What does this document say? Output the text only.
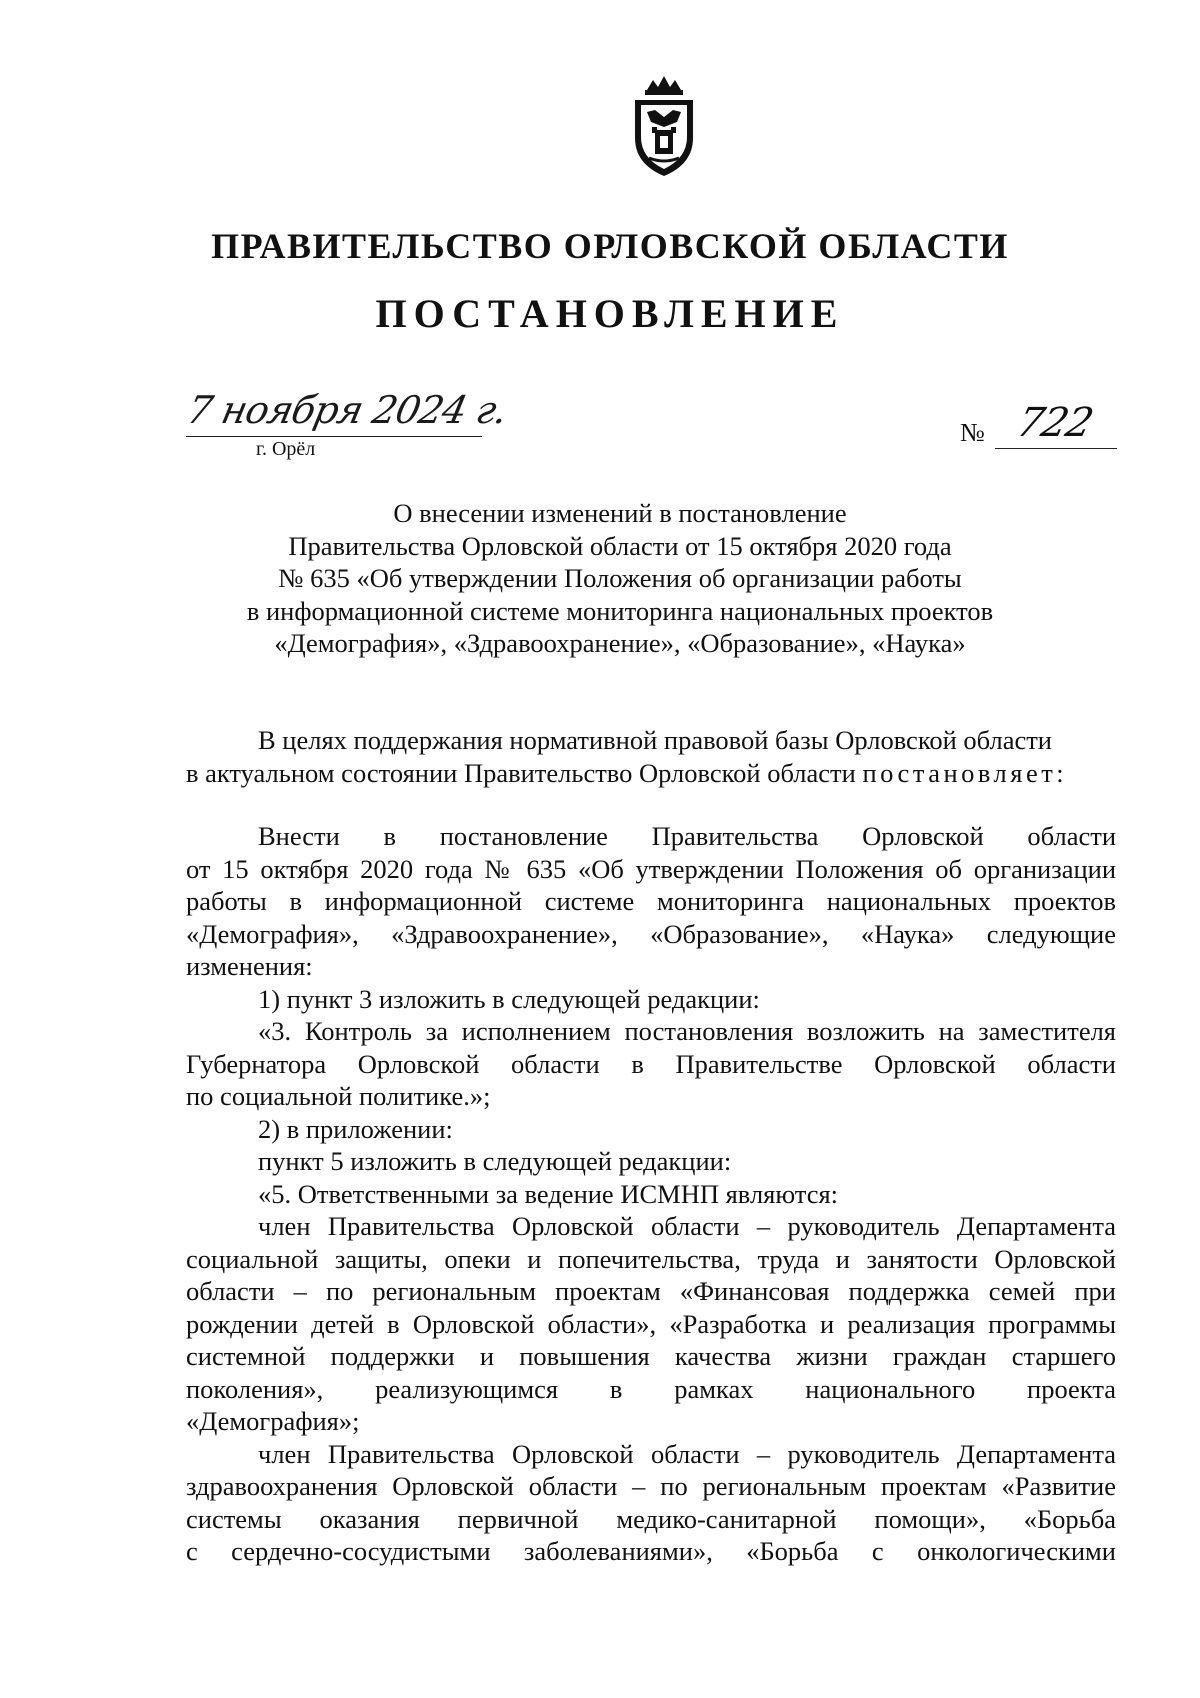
ПРАВИТЕЛЬСТВО ОРЛОВСКОЙ ОБЛАСТИ
ПОСТАНОВЛЕНИЕ
7 ноября 2024 г.
г. Орёл
№ 722
О внесении изменений в постановление
Правительства Орловской области от 15 октября 2020 года
№ 635 «Об утверждении Положения об организации работы
в информационной системе мониторинга национальных проектов
«Демография», «Здравоохранение», «Образование», «Наука»
В целях поддержания нормативной правовой базы Орловской области
в актуальном состоянии Правительство Орловской области постановляет:
Внести в постановление Правительства Орловской области
от 15 октября 2020 года № 635 «Об утверждении Положения об организации
работы в информационной системе мониторинга национальных проектов
«Демография», «Здравоохранение», «Образование», «Наука» следующие
изменения:
1) пункт 3 изложить в следующей редакции:
«3. Контроль за исполнением постановления возложить на заместителя
Губернатора Орловской области в Правительстве Орловской области
по социальной политике.»;
2) в приложении:
пункт 5 изложить в следующей редакции:
«5. Ответственными за ведение ИСМНП являются:
член Правительства Орловской области – руководитель Департамента
социальной защиты, опеки и попечительства, труда и занятости Орловской
области – по региональным проектам «Финансовая поддержка семей при
рождении детей в Орловской области», «Разработка и реализация программы
системной поддержки и повышения качества жизни граждан старшего
поколения», реализующимся в рамках национального проекта
«Демография»;
член Правительства Орловской области – руководитель Департамента
здравоохранения Орловской области – по региональным проектам «Развитие
системы оказания первичной медико-санитарной помощи», «Борьба
с сердечно-сосудистыми заболеваниями», «Борьба с онкологическими
